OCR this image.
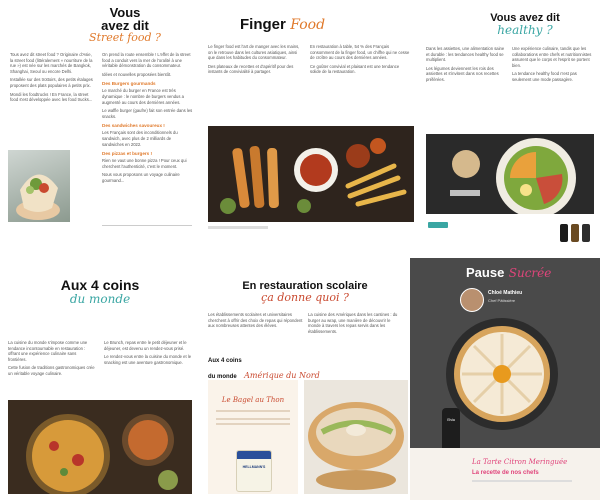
Vous
avez dit
Street food ?

Tous avez dit street food ? Originaire d'Asie, la street food (littéralement « nourriture de la rue ») est née sur les marchés de Bangkok, Shanghai, Seoul ou encore Delhi.

Installée sur des trottoirs, des petits étalages proposent des plats populaires à petits prix.

Mondi les foodtrucks ! En France, la street food s'est développée avec les food trucks...

On prend la route ensemble ! L'effet de la street food a conduit vers la mer de l'oralité à une véritable démonstration du consommateur.

Idées et nouvelles proposées bientôt.

Des Burgers gourmands

Le marché du burger en France est très dynamique : le nombre de burgers vendus a augmenté au cours des dernières années.

Le waffle burger (gaufre) fait son entrée dans les snacks.

Des sandwiches savoureux !

Les Français sont des inconditionnels du sandwich, avec plus de 2 milliards de sandwiches en 2022.

Des pizzas et burgers !

Rien ne vaut une bonne pizza ! Pour ceux qui cherchent l'authenticité, c'est le moment.

Nous vous proposons un voyage culinaire gourmand...

Finger Food

Le finger food est l'art de manger avec les mains, on le retrouve dans les cultures asiatiques, ainsi que dans les habitudes du consommateur.

Des plateaux de recettes et d'apéritif pour des instants de convivialité à partager.

En restauration à table, 54 % des Français consomment de la finger food, un chiffre qui ne cesse de croître au cours des dernières années.

Ce goûter convivial et plaisant est une tendance solide de la restauration.

Vous avez dit
healthy ?

Dans les assiettes, une alimentation saine et durable : les tendances healthy food se multiplient.

Les légumes deviennent les rois des assiettes et s'invitent dans nos recettes préférées.

Une expérience culinaire, tandis que les collaborations entre chefs et nutritionnistes assurent que le corps et l'esprit se portent bien.

La tendance healthy food n'est pas seulement une mode passagère.

Aux 4 coins
du monde

La cuisine du monde s'impose comme une tendance incontournable en restauration : offrant une expérience culinaire sans frontières.

Cette fusion de traditions gastronomiques crée un véritable voyage culinaire.

Le Brunch, repas entre le petit déjeuner et le déjeuner, est devenu un rendez-vous prisé.

Le rendez-vous entre la cuisine du monde et le snacking est une aventure gastronomique.

En restauration scolaire
ça donne quoi ?

Les établissements scolaires et universitaires cherchent à offrir des choix de repas qui répondent aux nombreuses attentes des élèves.

La cuisine des Amériques dans les cantines : du burger au wrap, une manière de découvrir le monde à travers les repas servis dans les établissements.

Aux 4 coins
du monde Amérique du Nord
Le Bagel au Thon
HELLMANN'S
Pause Sucrée
Chloé Mathieu
Chef Pâtissière
Elvia
La Tarte Citron Meringuée
La recette de nos chefs
